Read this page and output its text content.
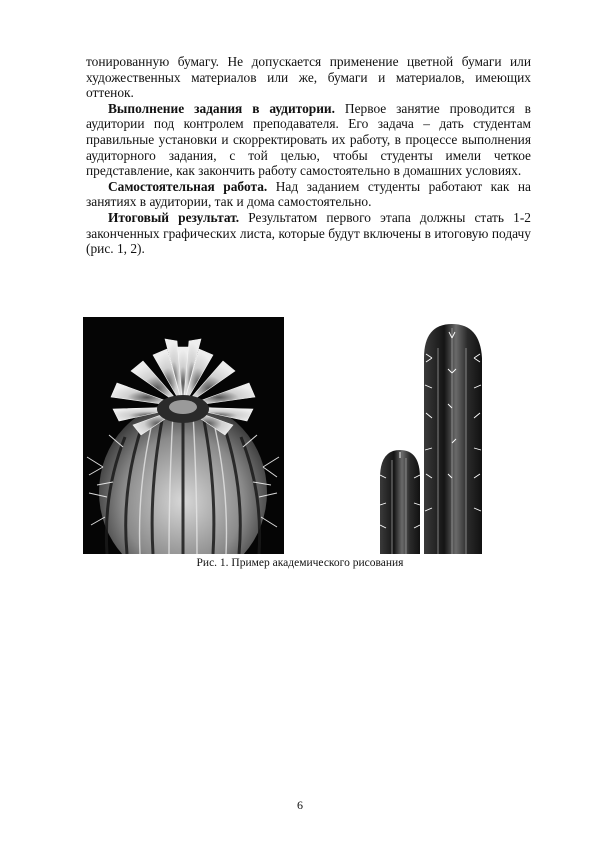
тонированную бумагу. Не допускается применение цветной бумаги или художественных материалов или же, бумаги и материалов, имеющих оттенок.

Выполнение задания в аудитории. Первое занятие проводится в аудитории под контролем преподавателя. Его задача – дать студентам правильные установки и скорректировать их работу, в процессе выполнения аудиторного задания, с той целью, чтобы студенты имели четкое представление, как закончить работу самостоятельно в домашних условиях.

Самостоятельная работа. Над заданием студенты работают как на занятиях в аудитории, так и дома самостоятельно.

Итоговый результат. Результатом первого этапа должны стать 1-2 законченных графических листа, которые будут включены в итоговую подачу (рис. 1, 2).

Рис. 1. Пример академического рисования
6
